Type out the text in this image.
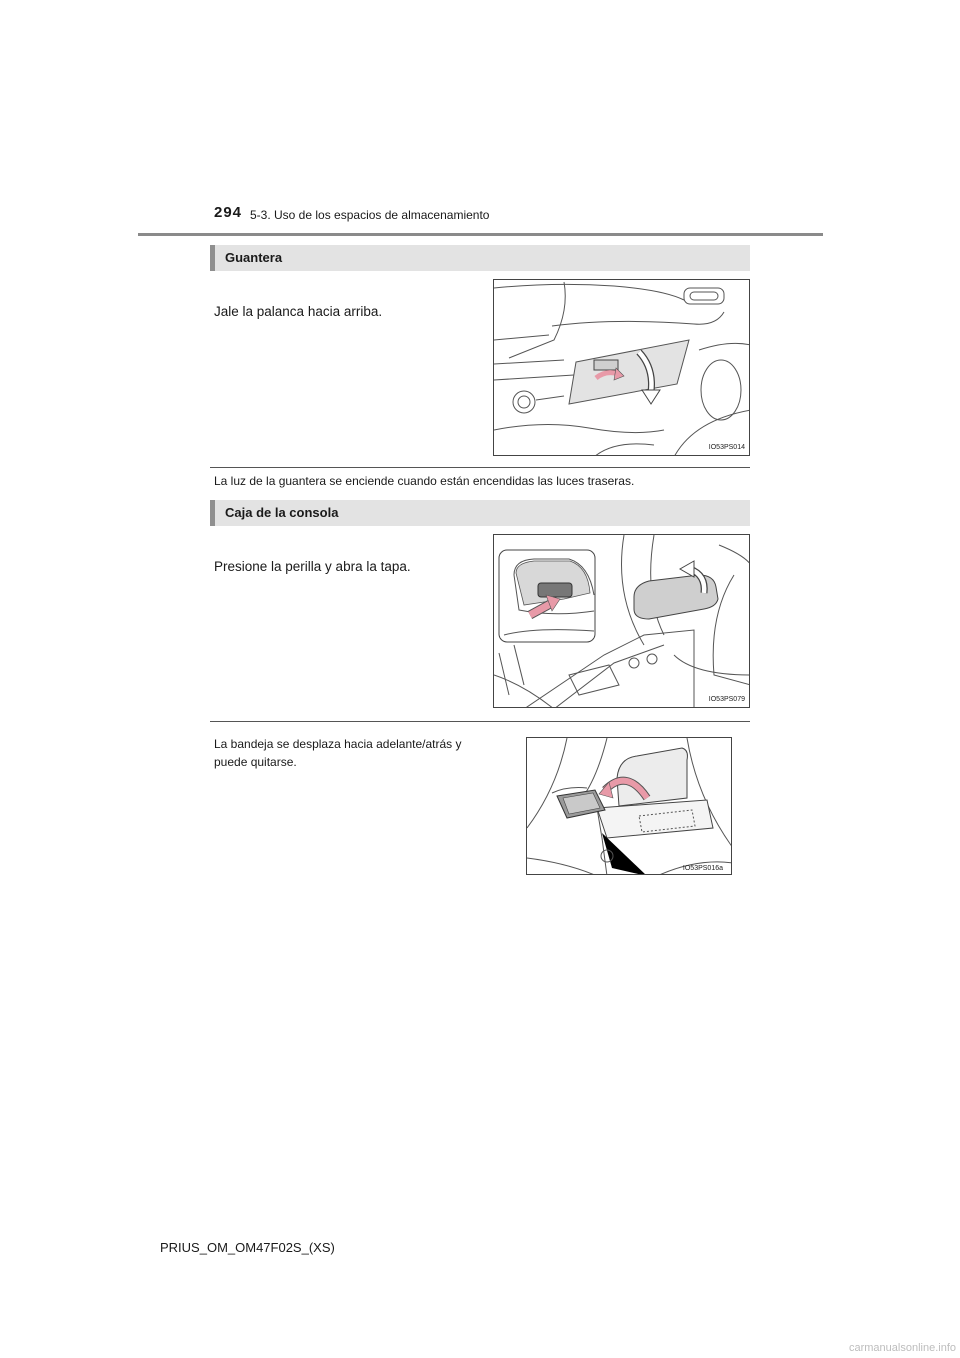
294 5-3. Uso de los espacios de almacenamiento
Guantera
Jale la palanca hacia arriba.
IO53PS014
La luz de la guantera se enciende cuando están encendidas las luces traseras.
Caja de la consola
Presione la perilla y abra la tapa.
IO53PS079
La bandeja se desplaza hacia adelante/atrás y
puede quitarse.
IO53PS016a
PRIUS_OM_OM47F02S_(XS)
carmanualsonline.info
